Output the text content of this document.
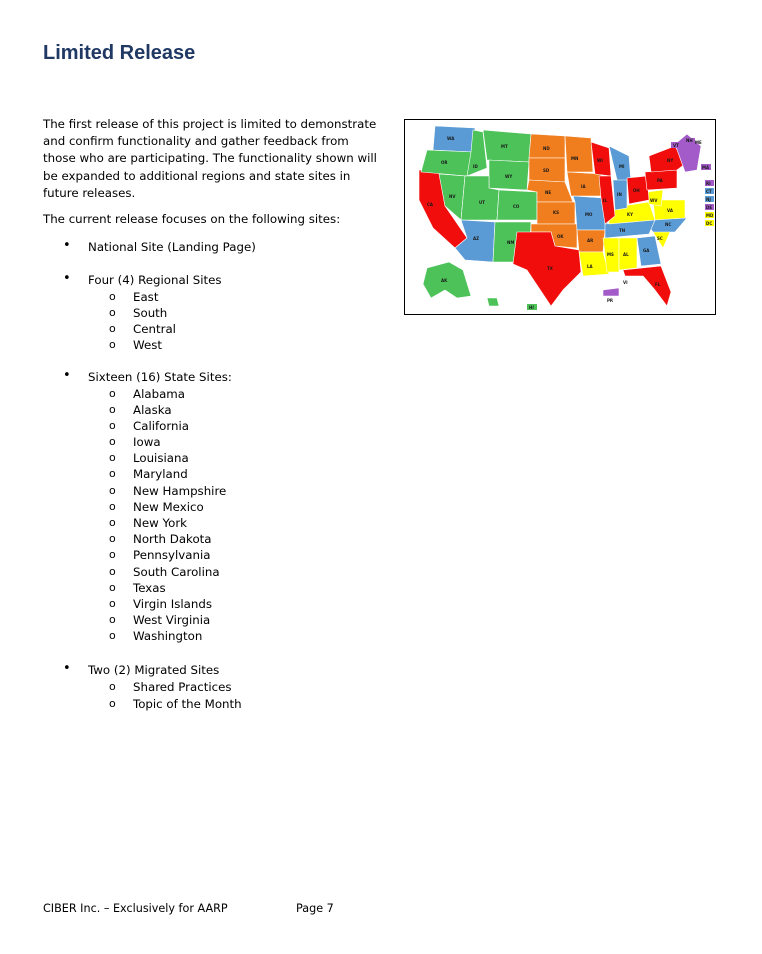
Limited Release

The first release of this project is limited to demonstrate and confirm functionality and gather feedback from those who are participating. The functionality shown will be expanded to additional regions and state sites in future releases.

The current release focuses on the following sites:

• National Site (Landing Page)
• Four (4) Regional Sites
o East
o South
o Central
o West
• Sixteen (16) State Sites:
o Alabama
o Alaska
o California
o Iowa
o Louisiana
o Maryland
o New Hampshire
o New Mexico
o New York
o North Dakota
o Pennsylvania
o South Carolina
o Texas
o Virgin Islands
o West Virginia
o Washington
• Two (2) Migrated Sites
o Shared Practices
o Topic of the Month
WA
OR
CA
NV
ID
MT
WY
UT
CO
AZ
NM
ND
SD
NE
KS
OK
TX
MN
IA
MO
AR
LA
WI
IL
MI
IN
OH
KY
TN
MS AL
GA
FL
SC
NC
VA
WV
PA
NY
ME
VT
NH
MA
RI
CT
NJ
DE
MD
DC
AK
HI
PR
VI
CIBER Inc. – Exclusively for AARP	Page 7
